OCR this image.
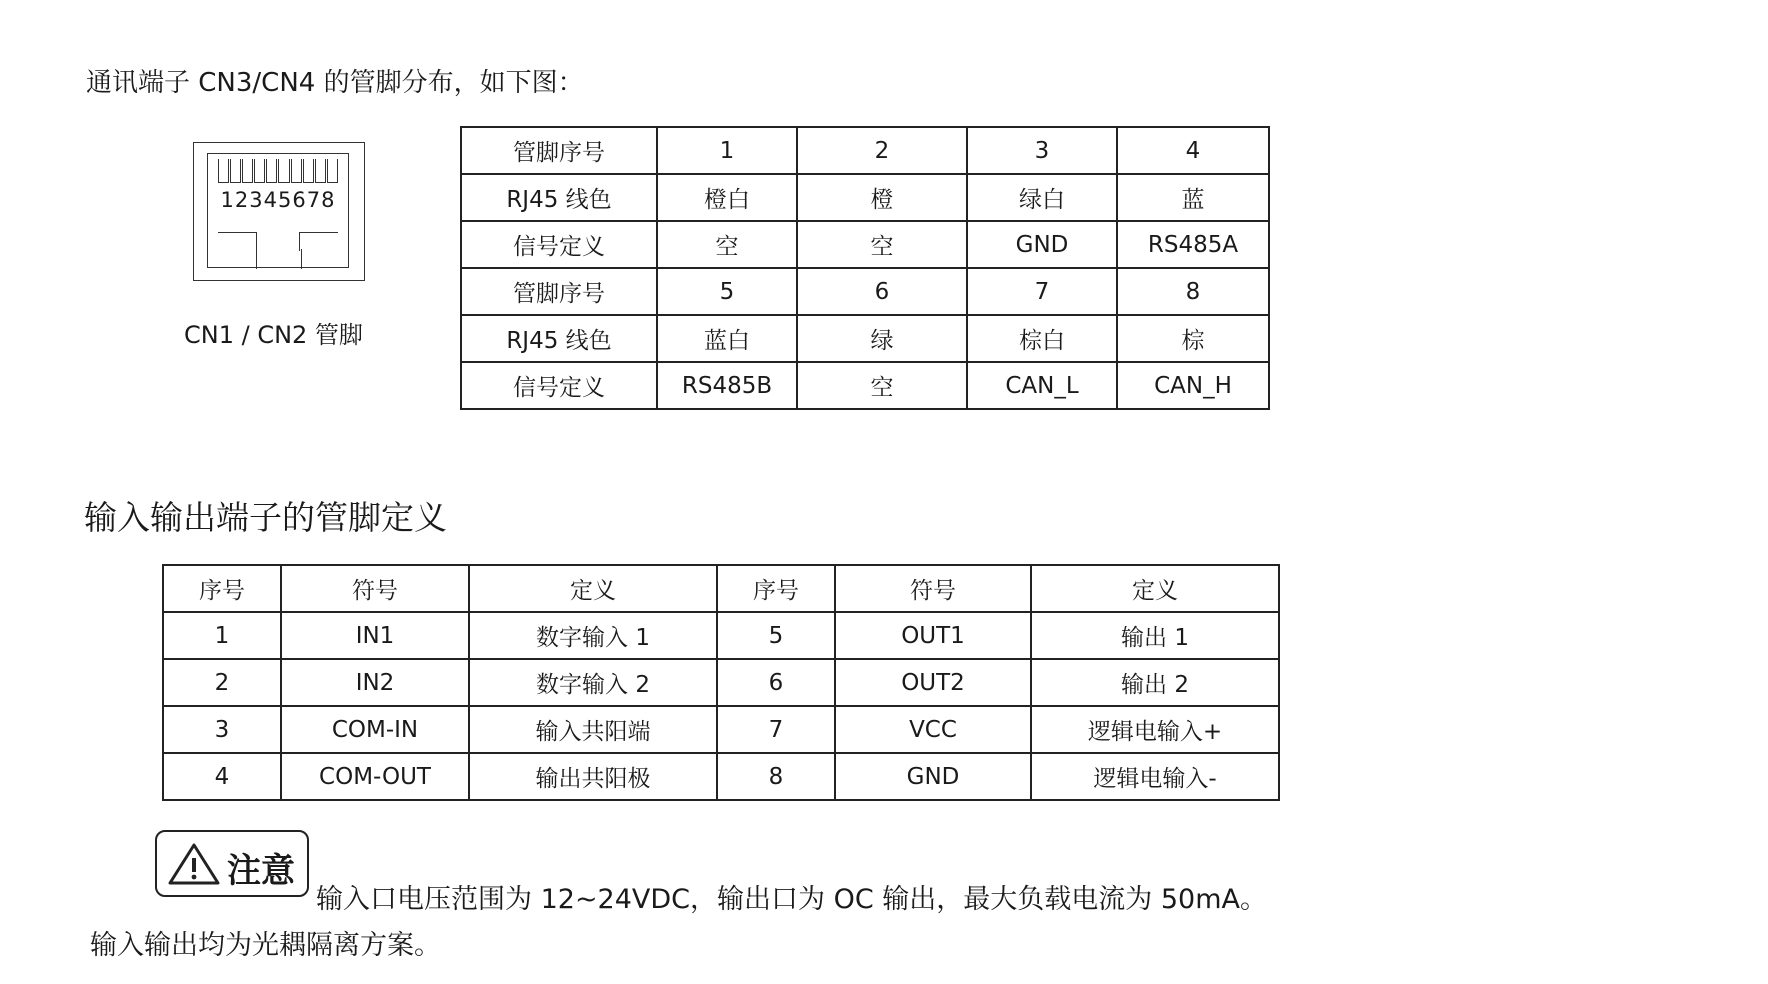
通讯端子 CN3/CN4 的管脚分布，如下图：
12345678
CN1 / CN2 管脚
管脚序号	1	2	3	4
RJ45 线色	橙白	橙	绿白	蓝
信号定义	空	空	GND	RS485A
管脚序号	5	6	7	8
RJ45 线色	蓝白	绿	棕白	棕
信号定义	RS485B	空	CAN_L	CAN_H
输入输出端子的管脚定义
序号	符号	定义	序号	符号	定义
1	IN1	数字输入 1	5	OUT1	输出 1
2	IN2	数字输入 2	6	OUT2	输出 2
3	COM-IN	输入共阳端	7	VCC	逻辑电输入+
4	COM-OUT	输出共阳极	8	GND	逻辑电输入-
注意
输入口电压范围为 12~24VDC，输出口为 OC 输出，最大负载电流为 50mA。
输入输出均为光耦隔离方案。
